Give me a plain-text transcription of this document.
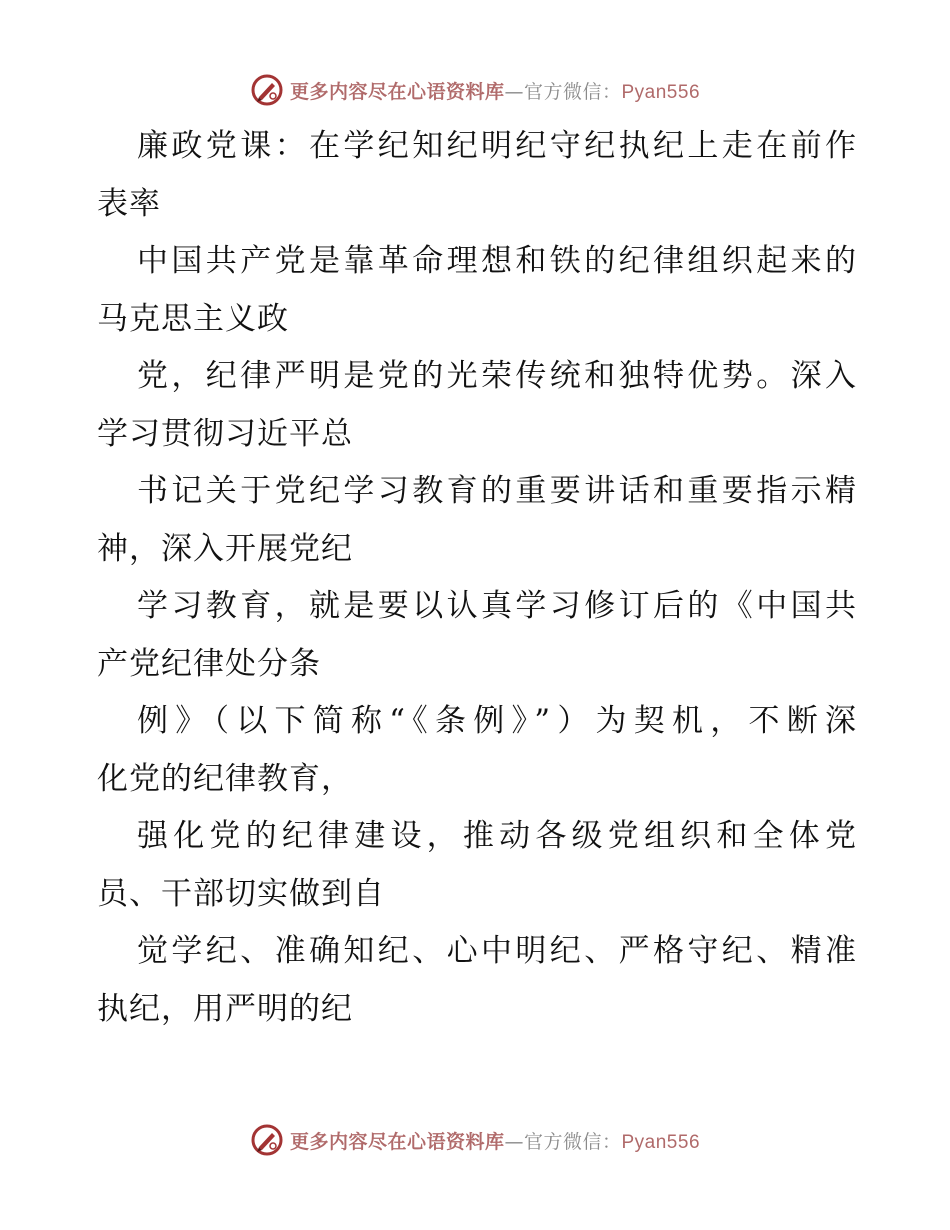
更多内容尽在心语资料库—官方微信：Pyan556

廉政党课：在学纪知纪明纪守纪执纪上走在前作
表率

中国共产党是靠革命理想和铁的纪律组织起来的
马克思主义政

党，纪律严明是党的光荣传统和独特优势。深入
学习贯彻习近平总

书记关于党纪学习教育的重要讲话和重要指示精
神，深入开展党纪

学习教育，就是要以认真学习修订后的《中国共
产党纪律处分条

例》（以下简称“《条例》”）为契机，不断深
化党的纪律教育，

强化党的纪律建设，推动各级党组织和全体党
员、干部切实做到自

觉学纪、准确知纪、心中明纪、严格守纪、精准
执纪，用严明的纪

更多内容尽在心语资料库—官方微信：Pyan556
